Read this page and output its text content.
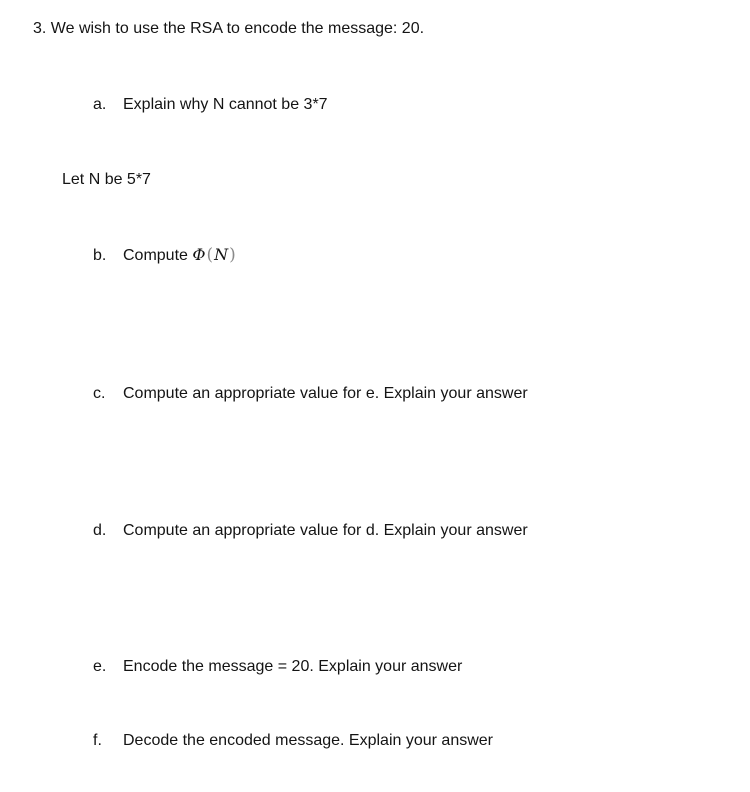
3. We wish to use the RSA to encode the message: 20.
a. Explain why N cannot be 3*7
Let N be 5*7
b. Compute Φ(N)
c. Compute an appropriate value for e. Explain your answer
d. Compute an appropriate value for d. Explain your answer
e. Encode the message = 20. Explain your answer
f. Decode the encoded message. Explain your answer
